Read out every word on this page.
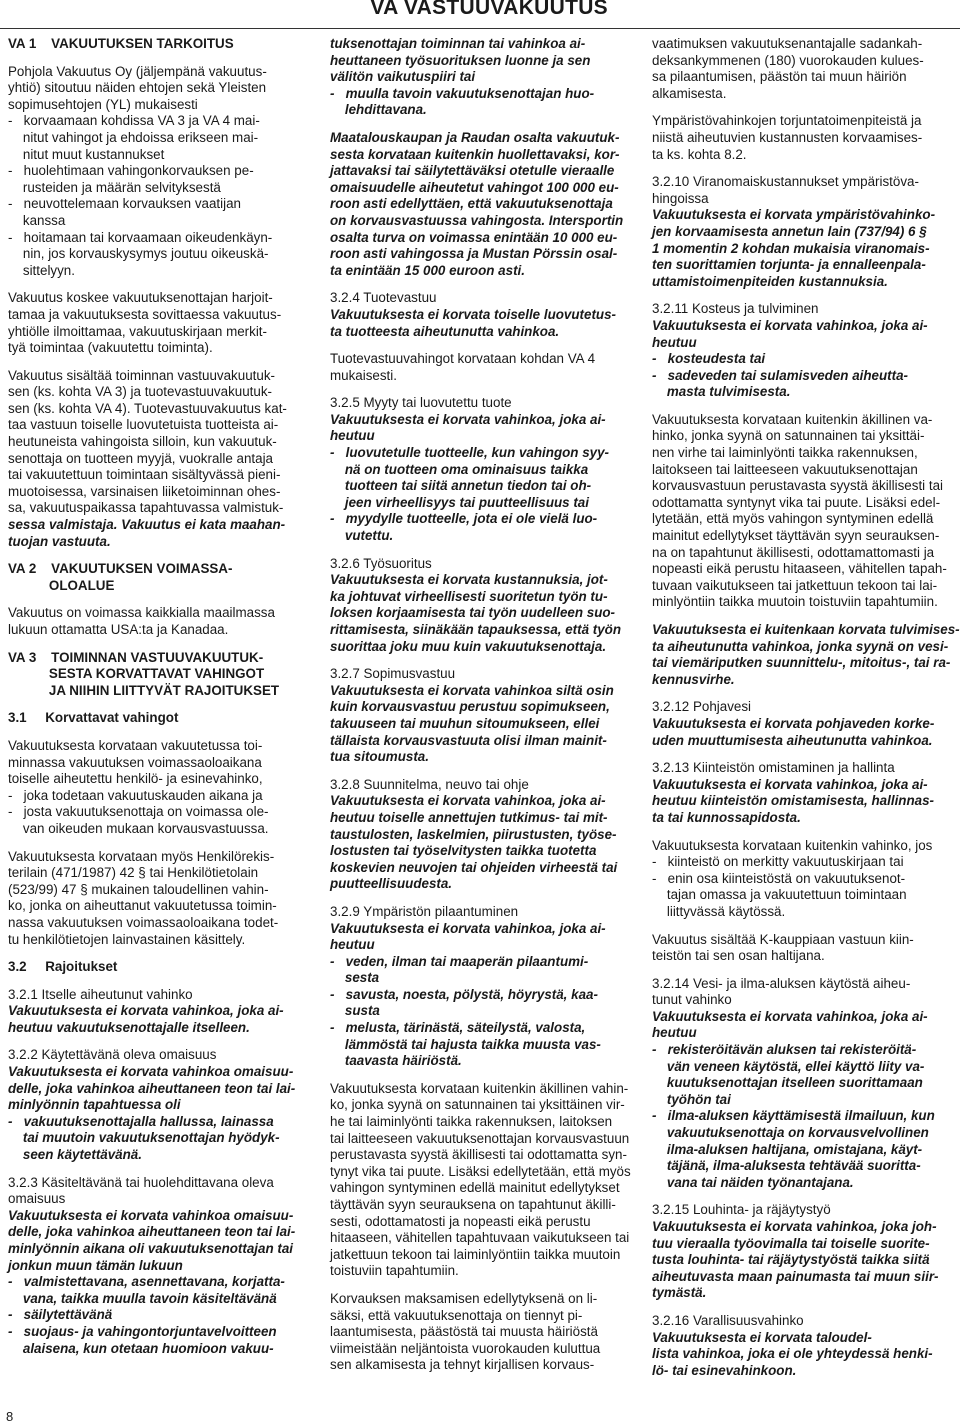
VA VASTUUVAKUUTUS
VA 1    VAKUUTUKSEN TARKOITUS
Pohjola Vakuutus Oy (jäljempänä vakuutus-
yhtiö) sitoutuu näiden ehtojen sekä Yleisten
sopimusehtojen (YL) mukaisesti
-   korvaamaan kohdissa VA 3 ja VA 4 mai-
nitut vahingot ja ehdoissa erikseen mai-
nitut muut kustannukset
-   huolehtimaan vahingonkorvauksen pe-
rusteiden ja määrän selvityksestä
-   neuvottelemaan korvauksen vaatijan
kanssa
-   hoitamaan tai korvaamaan oikeudenkäyn-
nin, jos korvauskysymys joutuu oikeuskä-
sittelyyn.
Vakuutus koskee vakuutuksenottajan harjoit-
tamaa ja vakuutuksesta sovittaessa vakuutus-
yhtiölle ilmoittamaa, vakuutuskirjaan merkit-
tyä toimintaa (vakuutettu toiminta).
Vakuutus sisältää toiminnan vastuuvakuutuk-
sen (ks. kohta VA 3) ja tuotevastuuvakuutuk-
sen (ks. kohta VA 4). Tuotevastuuvakuutus kat-
taa vastuun toiselle luovutetuista tuotteista ai-
heutuneista vahingoista silloin, kun vakuutuk-
senottaja on tuotteen myyjä, vuokralle antaja
tai vakuutettuun toimintaan sisältyvässä pieni-
muotoisessa, varsinaisen liiketoiminnan ohes-
sa, vakuutuspaikassa tapahtuvassa valmistuk-
sessa valmistaja. Vakuutus ei kata maahan-
tuojan vastuuta.
VA 2    VAKUUTUKSEN VOIMASSA-
OLOALUE
Vakuutus on voimassa kaikkialla maailmassa
lukuun ottamatta USA:ta ja Kanadaa.
VA 3    TOIMINNAN VASTUUVAKUUTUK-
SESTA KORVATTAVAT VAHINGOT
JA NIIHIN LIITTYVÄT RAJOITUKSET
3.1     Korvattavat vahingot
Vakuutuksesta korvataan vakuutetussa toi-
minnassa vakuutuksen voimassaoloaikana
toiselle aiheutettu henkilö- ja esinevahinko,
-   joka todetaan vakuutuskauden aikana ja
-   josta vakuutuksenottaja on voimassa ole-
van oikeuden mukaan korvausvastuussa.
Vakuutuksesta korvataan myös Henkilörekis-
terilain (471/1987) 42 § tai Henkilötietolain
(523/99) 47 § mukainen taloudellinen vahin-
ko, jonka on aiheuttanut vakuutetussa toimin-
nassa vakuutuksen voimassaoloaikana todet-
tu henkilötietojen lainvastainen käsittely.
3.2     Rajoitukset
3.2.1 Itselle aiheutunut vahinko
Vakuutuksesta ei korvata vahinkoa, joka ai-
heutuu vakuutuksenottajalle itselleen.
3.2.2 Käytettävänä oleva omaisuus
Vakuutuksesta ei korvata vahinkoa omaisuu-
delle, joka vahinkoa aiheuttaneen teon tai lai-
minlyönnin tapahtuessa oli
-   vakuutuksenottajalla hallussa, lainassa
tai muutoin vakuutuksenottajan hyödyk-
seen käytettävänä.
3.2.3 Käsiteltävänä tai huolehdittavana oleva
omaisuus
Vakuutuksesta ei korvata vahinkoa omaisuu-
delle, joka vahinkoa aiheuttaneen teon tai lai-
minlyönnin aikana oli vakuutuksenottajan tai
jonkun muun tämän lukuun
-   valmistettavana, asennettavana, korjatta-
vana, taikka muulla tavoin käsiteltävänä
-   säilytettävänä
-   suojaus- ja vahingontorjuntavelvoitteen
alaisena, kun otetaan huomioon vakuu-
tuksenottajan toiminnan tai vahinkoa ai-
heuttaneen työsuorituksen luonne ja sen
välitön vaikutuspiiri tai
-   muulla tavoin vakuutuksenottajan huo-
lehdittavana.
Maatalouskaupan ja Raudan osalta vakuutuk-
sesta korvataan kuitenkin huollettavaksi, kor-
jattavaksi tai säilytettäväksi otetulle vieraalle
omaisuudelle aiheutetut vahingot 100 000 eu-
roon asti edellyttäen, että vakuutuksenottaja
on korvausvastuussa vahingosta. Intersportin
osalta turva on voimassa enintään 10 000 eu-
roon asti vahingossa ja Mustan Pörssin osal-
ta enintään 15 000 euroon asti.
3.2.4 Tuotevastuu
Vakuutuksesta ei korvata toiselle luovutetus-
ta tuotteesta aiheutunutta vahinkoa.
Tuotevastuuvahingot korvataan kohdan VA 4
mukaisesti.
3.2.5 Myyty tai luovutettu tuote
Vakuutuksesta ei korvata vahinkoa, joka ai-
heutuu
-   luovutetulle tuotteelle, kun vahingon syy-
nä on tuotteen oma ominaisuus taikka
tuotteen tai siitä annetun tiedon tai oh-
jeen virheellisyys tai puutteellisuus tai
-   myydylle tuotteelle, jota ei ole vielä luo-
vutettu.
3.2.6 Työsuoritus
Vakuutuksesta ei korvata kustannuksia, jot-
ka johtuvat virheellisesti suoritetun työn tu-
loksen korjaamisesta tai työn uudelleen suo-
rittamisesta, siinäkään tapauksessa, että työn
suorittaa joku muu kuin vakuutuksenottaja.
3.2.7 Sopimusvastuu
Vakuutuksesta ei korvata vahinkoa siltä osin
kuin korvausvastuu perustuu sopimukseen,
takuuseen tai muuhun sitoumukseen, ellei
tällaista korvausvastuuta olisi ilman mainit-
tua sitoumusta.
3.2.8 Suunnitelma, neuvo tai ohje
Vakuutuksesta ei korvata vahinkoa, joka ai-
heutuu toiselle annettujen tutkimus- tai mit-
taustulosten, laskelmien, piirustusten, työse-
lostusten tai työselvitysten taikka tuotetta
koskevien neuvojen tai ohjeiden virheestä tai
puutteellisuudesta.
3.2.9 Ympäristön pilaantuminen
Vakuutuksesta ei korvata vahinkoa, joka ai-
heutuu
-   veden, ilman tai maaperän pilaantumi-
sesta
-   savusta, noesta, pölystä, höyrystä, kaa-
susta
-   melusta, tärinästä, säteilystä, valosta,
lämmöstä tai hajusta taikka muusta vas-
taavasta häiriöstä.
Vakuutuksesta korvataan kuitenkin äkillinen vahin-
ko, jonka syynä on satunnainen tai yksittäinen vir-
he tai laiminlyönti taikka rakennuksen, laitoksen
tai laitteeseen vakuutuksenottajan korvausvastuun
perustavasta syystä äkillisesti tai odottamatta syn-
tynyt vika tai puute. Lisäksi edellytetään, että myös
vahingon syntyminen edellä mainitut edellytykset
täyttävän syyn seurauksena on tapahtunut äkilli-
sesti, odottamatosti ja nopeasti eikä perustu
hitaaseen, vähitellen tapahtuvaan vaikutukseen tai
jatkettuun tekoon tai laiminlyöntiin taikka muutoin
toistuviin tapahtumiin.
Korvauksen maksamisen edellytyksenä on li-
säksi, että vakuutuksenottaja on tiennyt pi-
laantumisesta, päästöstä tai muusta häiriöstä
viimeistään neljäntoista vuorokauden kuluttua
sen alkamisesta ja tehnyt kirjallisen korvaus-
vaatimuksen vakuutuksenantajalle sadankah-
deksankymmenen (180) vuorokauden kulues-
sa pilaantumisen, päästön tai muun häiriön
alkamisesta.
Ympäristövahinkojen torjuntatoimenpiteistä ja
niistä aiheutuvien kustannusten korvaamises-
ta ks. kohta 8.2.
3.2.10 Viranomaiskustannukset ympäristöva-
hingoissa
Vakuutuksesta ei korvata ympäristövahinko-
jen korvaamisesta annetun lain (737/94) 6 §
1 momentin 2 kohdan mukaisia viranomais-
ten suorittamien torjunta- ja ennalleenpala-
uttamistoimenpiteiden kustannuksia.
3.2.11 Kosteus ja tulviminen
Vakuutuksesta ei korvata vahinkoa, joka ai-
heutuu
-   kosteudesta tai
-   sadeveden tai sulamisveden aiheutta-
masta tulvimisesta.
Vakuutuksesta korvataan kuitenkin äkillinen va-
hinko, jonka syynä on satunnainen tai yksittäi-
nen virhe tai laiminlyönti taikka rakennuksen,
laitokseen tai laitteeseen vakuutuksenottajan
korvausvastuun perustavasta syystä äkillisesti tai
odottamatta syntynyt vika tai puute. Lisäksi edel-
lytetään, että myös vahingon syntyminen edellä
mainitut edellytykset täyttävän syyn seurauksen-
na on tapahtunut äkillisesti, odottamattomasti ja
nopeasti eikä perustu hitaaseen, vähitellen tapah-
tuvaan vaikutukseen tai jatkettuun tekoon tai lai-
minlyöntiin taikka muutoin toistuviin tapahtumiin.
Vakuutuksesta ei kuitenkaan korvata tulvimises-
ta aiheutunutta vahinkoa, jonka syynä on vesi-
tai viemäriputken suunnittelu-, mitoitus-, tai ra-
kennusvirhe.
3.2.12 Pohjavesi
Vakuutuksesta ei korvata pohjaveden korke-
uden muuttumisesta aiheutunutta vahinkoa.
3.2.13 Kiinteistön omistaminen ja hallinta
Vakuutuksesta ei korvata vahinkoa, joka ai-
heutuu kiinteistön omistamisesta, hallinnas-
ta tai kunnossapidosta.
Vakuutuksesta korvataan kuitenkin vahinko, jos
-   kiinteistö on merkitty vakuutuskirjaan tai
-   enin osa kiinteistöstä on vakuutuksenot-
tajan omassa ja vakuutettuun toimintaan
liittyvässä käytössä.
Vakuutus sisältää K-kauppiaan vastuun kiin-
teistön tai sen osan haltijana.
3.2.14 Vesi- ja ilma-aluksen käytöstä aiheu-
tunut vahinko
Vakuutuksesta ei korvata vahinkoa, joka ai-
heutuu
-   rekisteröitävän aluksen tai rekisteröitä-
vän veneen käytöstä, ellei käyttö liity va-
kuutuksenottajan itselleen suorittamaan
työhön tai
-   ilma-aluksen käyttämisestä ilmailuun, kun
vakuutuksenottaja on korvausvelvollinen
ilma-aluksen haltijana, omistajana, käyt-
täjänä, ilma-aluksesta tehtävää suoritta-
vana tai näiden työnantajana.
3.2.15 Louhinta- ja räjäytystyö
Vakuutuksesta ei korvata vahinkoa, joka joh-
tuu vieraalla työovimalla tai toiselle suorite-
tusta louhinta- tai räjäytystyöstä taikka siitä
aiheutuvasta maan painumasta tai muun siir-
tymästä.
3.2.16 Varallisuusvahinko
Vakuutuksesta ei korvata taloudel-
lista vahinkoa, joka ei ole yhteydessä henki-
lö- tai esinevahinkoon.
8
